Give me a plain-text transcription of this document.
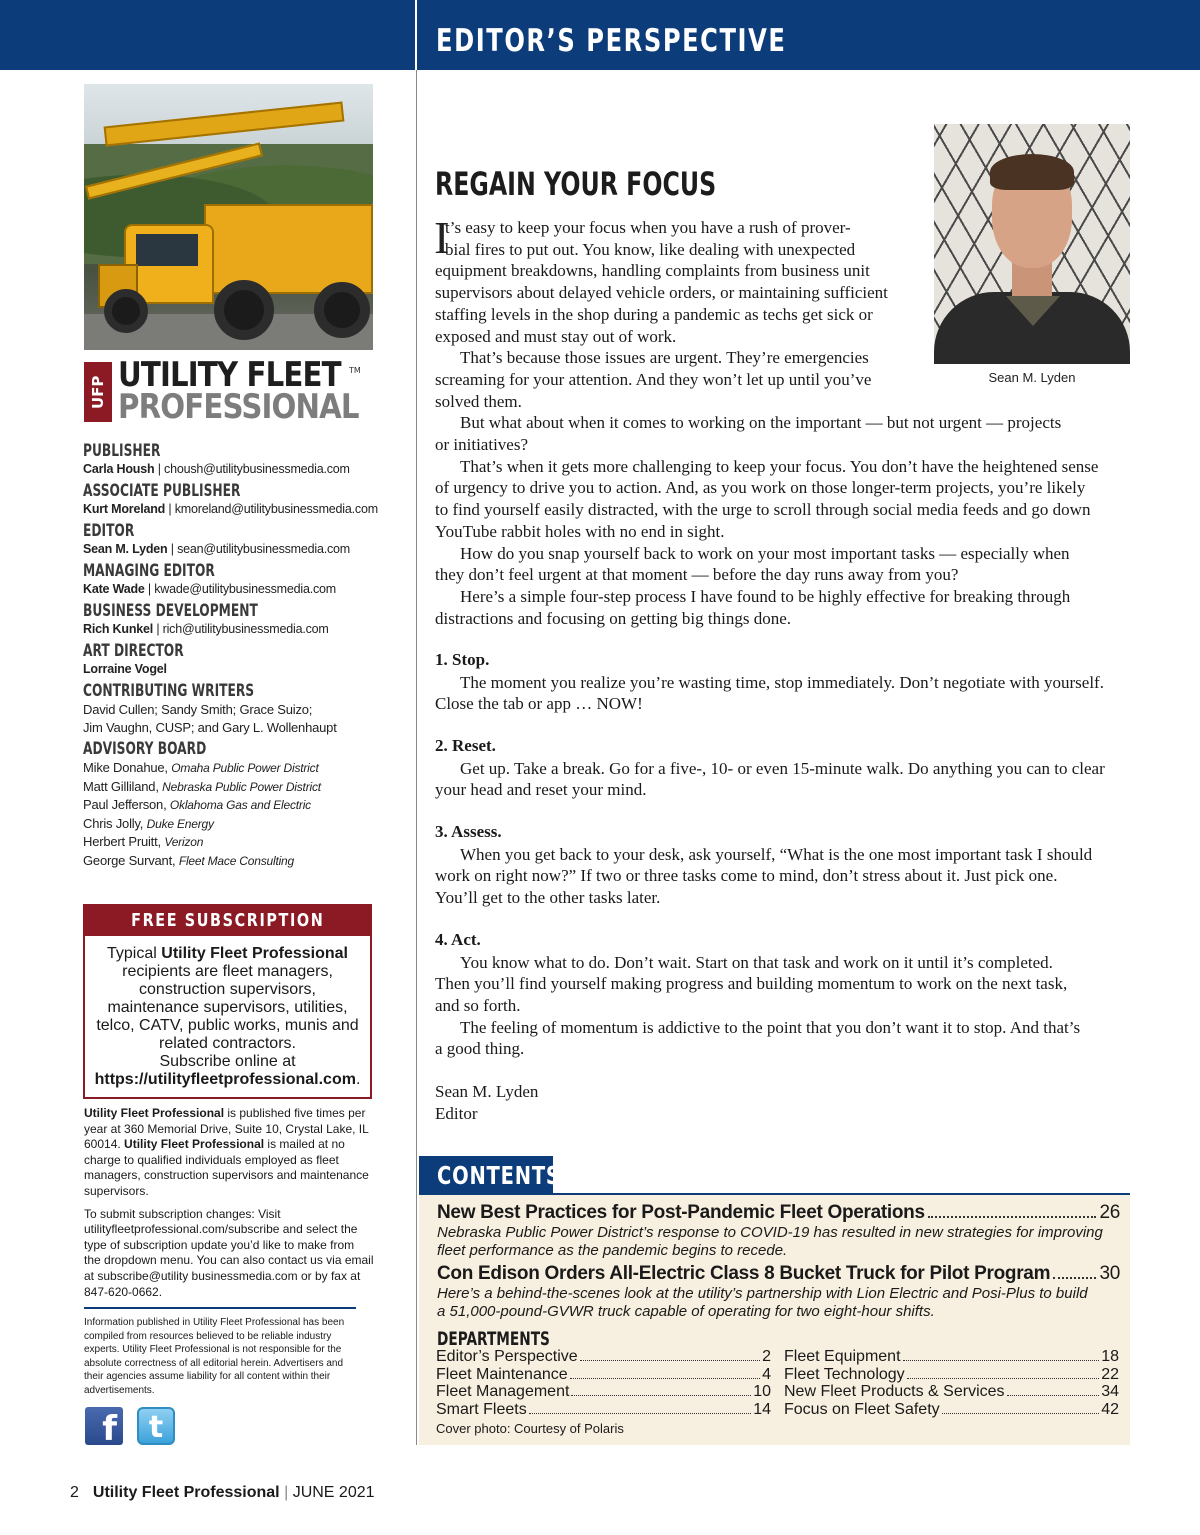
EDITOR’S PERSPECTIVE
UFP UTILITY FLEET TM
PROFESSIONAL
PUBLISHER
Carla Housh | choush@utilitybusinessmedia.com
ASSOCIATE PUBLISHER
Kurt Moreland | kmoreland@utilitybusinessmedia.com
EDITOR
Sean M. Lyden | sean@utilitybusinessmedia.com
MANAGING EDITOR
Kate Wade | kwade@utilitybusinessmedia.com
BUSINESS DEVELOPMENT
Rich Kunkel | rich@utilitybusinessmedia.com
ART DIRECTOR
Lorraine Vogel
CONTRIBUTING WRITERS
David Cullen; Sandy Smith; Grace Suizo;
Jim Vaughn, CUSP; and Gary L. Wollenhaupt
ADVISORY BOARD
Mike Donahue, Omaha Public Power District
Matt Gilliland, Nebraska Public Power District
Paul Jefferson, Oklahoma Gas and Electric
Chris Jolly, Duke Energy
Herbert Pruitt, Verizon
George Survant, Fleet Mace Consulting
FREE SUBSCRIPTION
Typical Utility Fleet Professional recipients are fleet managers, construction supervisors, maintenance supervisors, utilities, telco, CATV, public works, munis and related contractors.
Subscribe online at
https://utilityfleetprofessional.com.

Utility Fleet Professional is published five times per year at 360 Memorial Drive, Suite 10, Crystal Lake, IL 60014. Utility Fleet Professional is mailed at no charge to qualified individuals employed as fleet managers, construction supervisors and maintenance supervisors.

To submit subscription changes: Visit utilityfleetprofessional.com/subscribe and select the type of subscription update you’d like to make from the dropdown menu. You can also contact us via email at subscribe@utility businessmedia.com or by fax at 847-620-0662.

Information published in Utility Fleet Professional has been compiled from resources believed to be reliable industry experts. Utility Fleet Professional is not responsible for the absolute correctness of all editorial herein. Advertisers and their agencies assume liability for all content within their advertisements.
f	t
2 Utility Fleet Professional | JUNE 2021
Sean M. Lyden
REGAIN YOUR FOCUS
I
t’s easy to keep your focus when you have a rush of prover-
bial fires to put out. You know, like dealing with unexpected
equipment breakdowns, handling complaints from business unit
supervisors about delayed vehicle orders, or maintaining sufficient
staffing levels in the shop during a pandemic as techs get sick or
exposed and must stay out of work.
That’s because those issues are urgent. They’re emergencies
screaming for your attention. And they won’t let up until you’ve
solved them.
But what about when it comes to working on the important — but not urgent — projects
or initiatives?
That’s when it gets more challenging to keep your focus. You don’t have the heightened sense
of urgency to drive you to action. And, as you work on those longer-term projects, you’re likely
to find yourself easily distracted, with the urge to scroll through social media feeds and go down
YouTube rabbit holes with no end in sight.
How do you snap yourself back to work on your most important tasks — especially when
they don’t feel urgent at that moment — before the day runs away from you?
Here’s a simple four-step process I have found to be highly effective for breaking through
distractions and focusing on getting big things done.
1. Stop.
The moment you realize you’re wasting time, stop immediately. Don’t negotiate with yourself.
Close the tab or app … NOW!
2. Reset.
Get up. Take a break. Go for a five-, 10- or even 15-minute walk. Do anything you can to clear
your head and reset your mind.
3. Assess.
When you get back to your desk, ask yourself, “What is the one most important task I should
work on right now?” If two or three tasks come to mind, don’t stress about it. Just pick one.
You’ll get to the other tasks later.
4. Act.
You know what to do. Don’t wait. Start on that task and work on it until it’s completed.
Then you’ll find yourself making progress and building momentum to work on the next task,
and so forth.
The feeling of momentum is addictive to the point that you don’t want it to stop. And that’s
a good thing.
Sean M. Lyden
Editor
CONTENTS
New Best Practices for Post-Pandemic Fleet Operations	26
Nebraska Public Power District’s response to COVID-19 has resulted in new strategies for improving
fleet performance as the pandemic begins to recede.
Con Edison Orders All-Electric Class 8 Bucket Truck for Pilot Program	30
Here’s a behind-the-scenes look at the utility’s partnership with Lion Electric and Posi-Plus to build
a 51,000-pound-GVWR truck capable of operating for two eight-hour shifts.
DEPARTMENTS
Editor’s Perspective	2
Fleet Maintenance	4
Fleet Management	10
Smart Fleets	14
Fleet Equipment	18
Fleet Technology	22
New Fleet Products & Services	34
Focus on Fleet Safety	42
Cover photo: Courtesy of Polaris
